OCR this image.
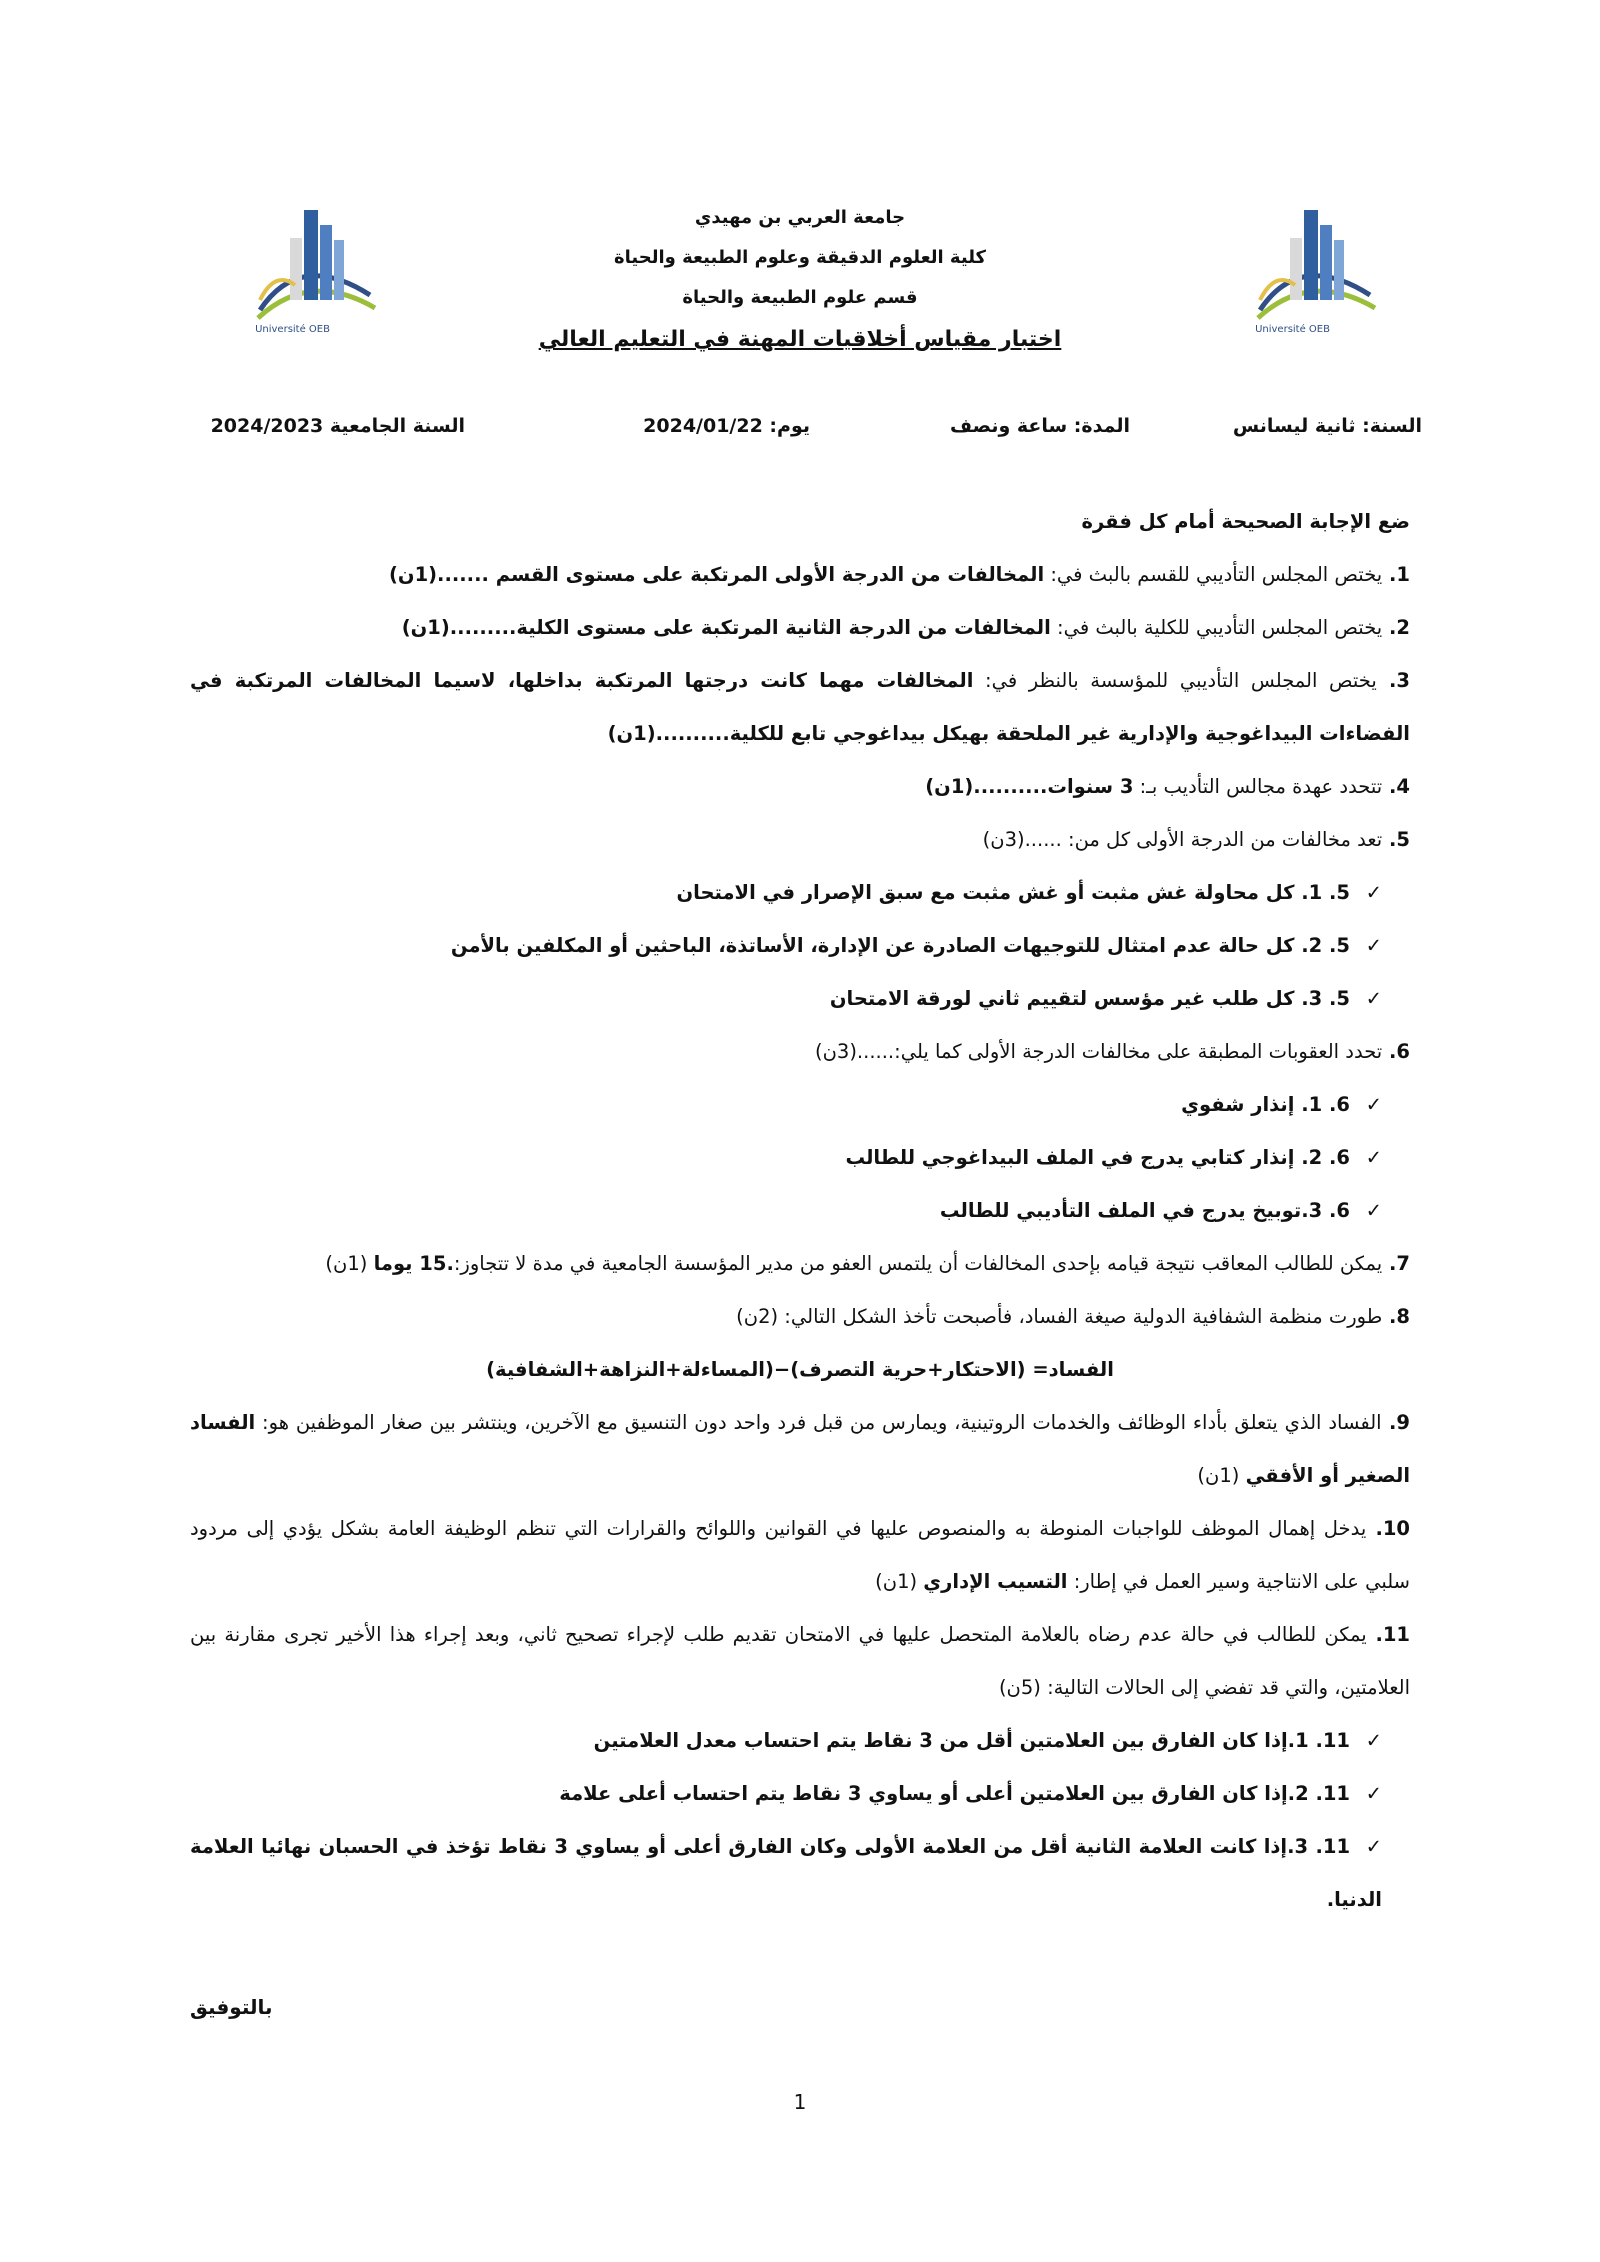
Université OEB	Université OEB
جامعة العربي بن مهيدي
كلية العلوم الدقيقة وعلوم الطبيعة والحياة
قسم علوم الطبيعة والحياة
اختبار مقياس أخلاقيات المهنة في التعليم العالي
السنة: ثانية ليسانس
المدة: ساعة ونصف
يوم: 2024/01/22
السنة الجامعية 2024/2023

ضع الإجابة الصحيحة أمام كل فقرة

1. يختص المجلس التأديبي للقسم بالبث في: المخالفات من الدرجة الأولى المرتكبة على مستوى القسم .......(1ن)

2. يختص المجلس التأديبي للكلية بالبث في: المخالفات من الدرجة الثانية المرتكبة على مستوى الكلية.........(1ن)

3. يختص المجلس التأديبي للمؤسسة بالنظر في: المخالفات مهما كانت درجتها المرتكبة بداخلها، لاسيما المخالفات المرتكبة في الفضاءات البيداغوجية والإدارية غير الملحقة بهيكل بيداغوجي تابع للكلية..........(1ن)

4. تتحدد عهدة مجالس التأديب بـ: 3 سنوات..........(1ن)

5. تعد مخالفات من الدرجة الأولى كل من: ......(3ن)

✓5. 1. كل محاولة غش مثبت أو غش مثبت مع سبق الإصرار في الامتحان

✓5. 2. كل حالة عدم امتثال للتوجيهات الصادرة عن الإدارة، الأساتذة، الباحثين أو المكلفين بالأمن

✓5. 3. كل طلب غير مؤسس لتقييم ثاني لورقة الامتحان

6. تحدد العقوبات المطبقة على مخالفات الدرجة الأولى كما يلي:......(3ن)

✓6. 1. إنذار شفوي

✓6. 2. إنذار كتابي يدرج في الملف البيداغوجي للطالب

✓6. 3.توبيخ يدرج في الملف التأديبي للطالب

7. يمكن للطالب المعاقب نتيجة قيامه بإحدى المخالفات أن يلتمس العفو من مدير المؤسسة الجامعية في مدة لا تتجاوز:.15 يوما (1ن)

8. طورت منظمة الشفافية الدولية صيغة الفساد، فأصبحت تأخذ الشكل التالي: (2ن)

الفساد= (الاحتكار+حرية التصرف)−(المساءلة+النزاهة+الشفافية)

9. الفساد الذي يتعلق بأداء الوظائف والخدمات الروتينية، ويمارس من قبل فرد واحد دون التنسيق مع الآخرين، وينتشر بين صغار الموظفين هو: الفساد الصغير أو الأفقي (1ن)

10. يدخل إهمال الموظف للواجبات المنوطة به والمنصوص عليها في القوانين واللوائح والقرارات التي تنظم الوظيفة العامة بشكل يؤدي إلى مردود سلبي على الانتاجية وسير العمل في إطار: التسيب الإداري (1ن)

11. يمكن للطالب في حالة عدم رضاه بالعلامة المتحصل عليها في الامتحان تقديم طلب لإجراء تصحيح ثاني، وبعد إجراء هذا الأخير تجرى مقارنة بين العلامتين، والتي قد تفضي إلى الحالات التالية: (5ن)

✓11. 1.إذا كان الفارق بين العلامتين أقل من 3 نقاط يتم احتساب معدل العلامتين

✓11. 2.إذا كان الفارق بين العلامتين أعلى أو يساوي 3 نقاط يتم احتساب أعلى علامة

✓11. 3.إذا كانت العلامة الثانية أقل من العلامة الأولى وكان الفارق أعلى أو يساوي 3 نقاط تؤخذ في الحسبان نهائيا العلامة الدنيا.

بالتوفيق
1
